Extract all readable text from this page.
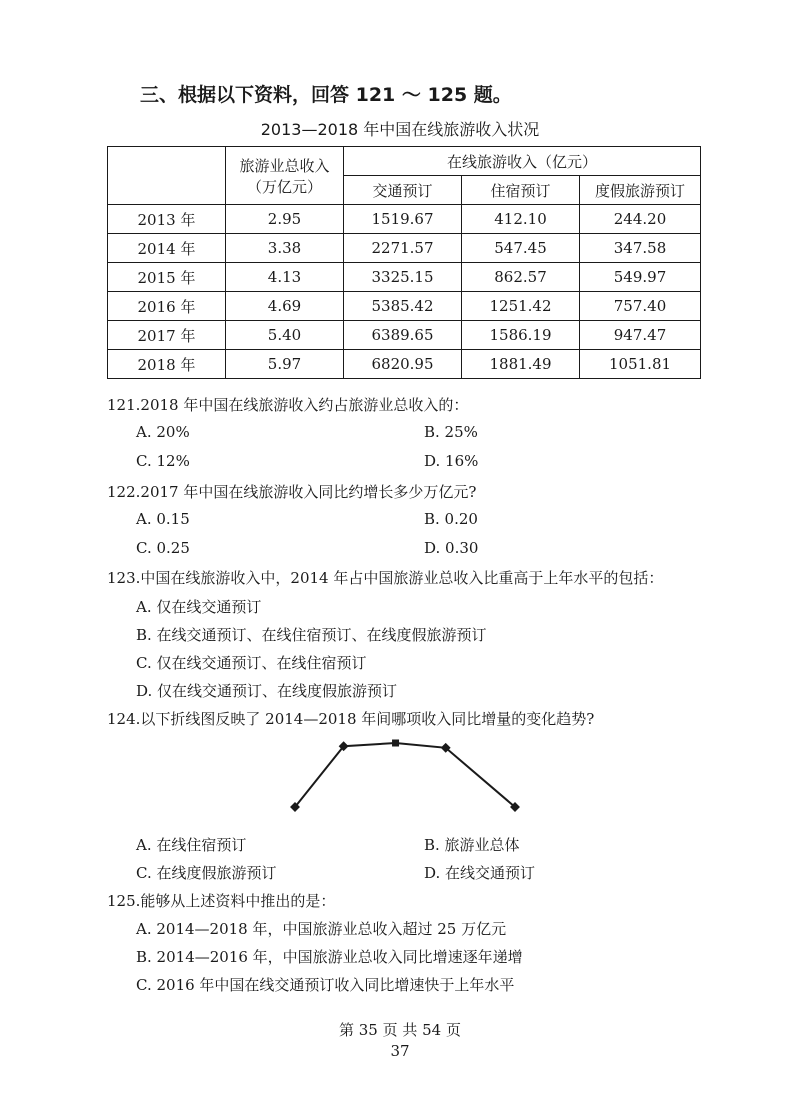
三、根据以下资料，回答 121 ～ 125 题。
2013—2018 年中国在线旅游收入状况

	旅游业总收入
（万亿元）	在线旅游收入（亿元）		
		交通预订	住宿预订	度假旅游预订
2013 年	2.95	1519.67	412.10	244.20
2014 年	3.38	2271.57	547.45	347.58
2015 年	4.13	3325.15	862.57	549.97
2016 年	4.69	5385.42	1251.42	757.40
2017 年	5.40	6389.65	1586.19	947.47
2018 年	5.97	6820.95	1881.49	1051.81
121.2018 年中国在线旅游收入约占旅游业总收入的：
A. 20%	B. 25%
C. 12%	D. 16%
122.2017 年中国在线旅游收入同比约增长多少万亿元?
A. 0.15	B. 0.20
C. 0.25	D. 0.30
123.中国在线旅游收入中，2014 年占中国旅游业总收入比重高于上年水平的包括：
A. 仅在线交通预订
B. 在线交通预订、在线住宿预订、在线度假旅游预订
C. 仅在线交通预订、在线住宿预订
D. 仅在线交通预订、在线度假旅游预订
124.以下折线图反映了 2014—2018 年间哪项收入同比增量的变化趋势?
A. 在线住宿预订	B. 旅游业总体
C. 在线度假旅游预订	D. 在线交通预订
125.能够从上述资料中推出的是：
A. 2014—2018 年，中国旅游业总收入超过 25 万亿元
B. 2014—2016 年，中国旅游业总收入同比增速逐年递增
C. 2016 年中国在线交通预订收入同比增速快于上年水平
第 35 页 共 54 页
37
